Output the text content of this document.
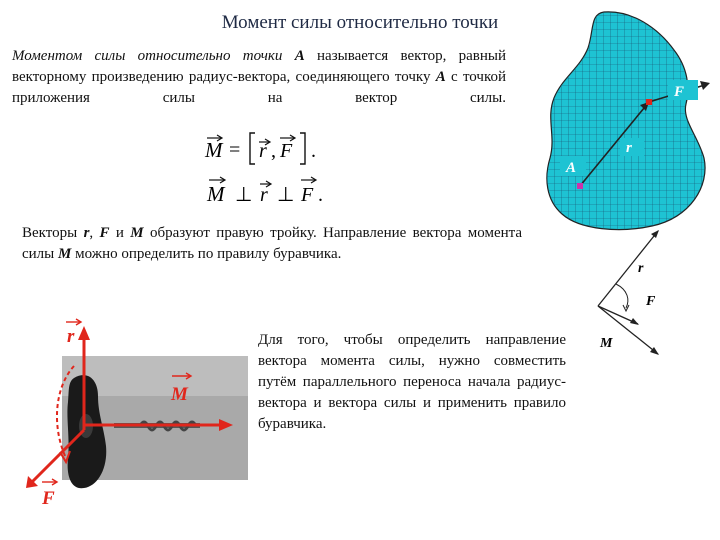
Момент силы относительно точки
Моментом силы относительно точки А называется вектор, равный векторному произведению радиус-вектора, соединяющего точку А с точкой приложения силы на вектор силы.
M = r , F .
M ⊥ r ⊥ F .
Векторы r, F и M образуют правую тройку. Направление вектора момента силы M можно определить по правилу буравчика.
Для того, чтобы определить направление вектора момента силы, нужно совместить путём параллельного переноса начала радиус-вектора и вектора силы и применить правило буравчика.
F
r
A
r
F
M
r
M
F
